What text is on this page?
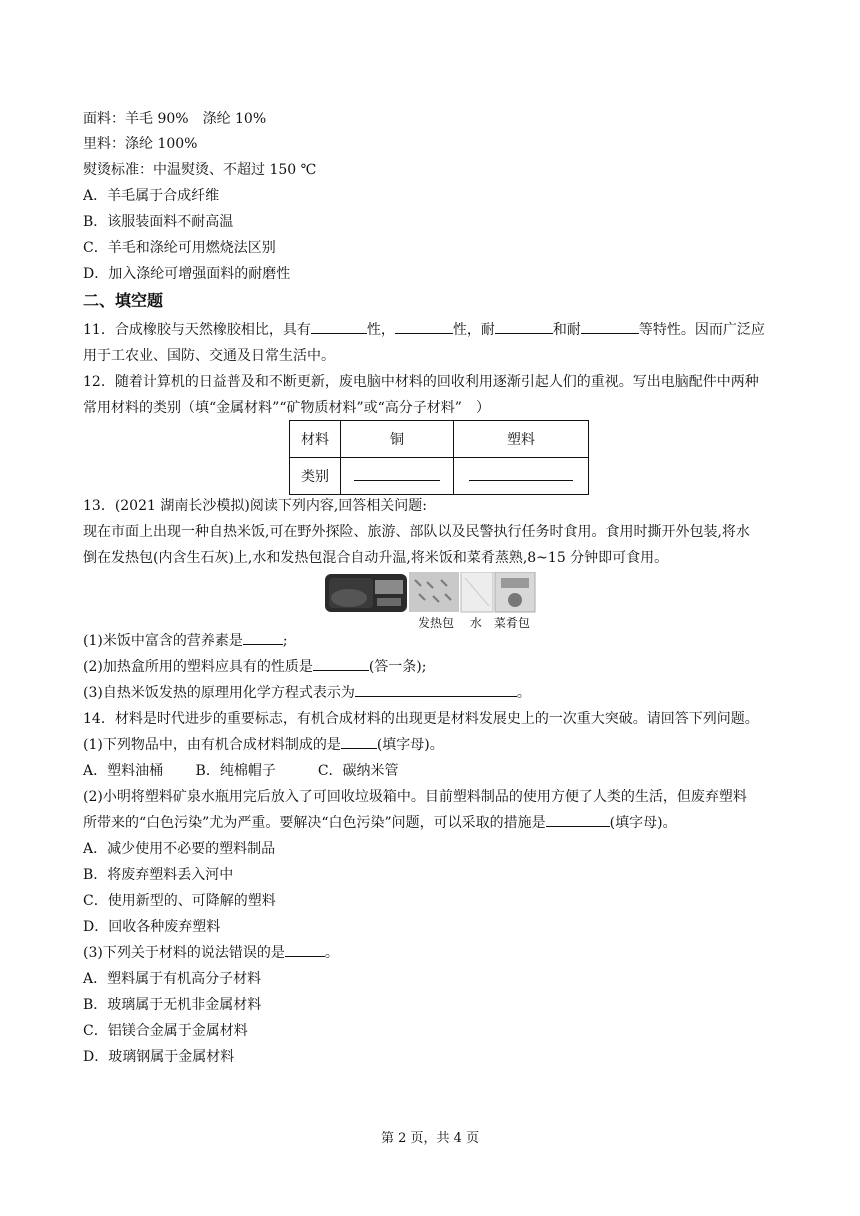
面料：羊毛 90%　涤纶 10%
里料：涤纶 100%
熨烫标准：中温熨烫、不超过 150 ℃
A．羊毛属于合成纤维
B．该服装面料不耐高温
C．羊毛和涤纶可用燃烧法区别
D．加入涤纶可增强面料的耐磨性
二、填空题
11．合成橡胶与天然橡胶相比，具有	性，	性，耐	和耐	等特性。因而广泛应
用于工农业、国防、交通及日常生活中。
12．随着计算机的日益普及和不断更新，废电脑中材料的回收利用逐渐引起人们的重视。写出电脑配件中两种
常用材料的类别（填“金属材料”“矿物质材料”或“高分子材料”　）
材料	铜	塑料
类别		
13．(2021 湖南长沙模拟)阅读下列内容,回答相关问题:
现在市面上出现一种自热米饭,可在野外探险、旅游、部队以及民警执行任务时食用。食用时撕开外包装,将水
倒在发热包(内含生石灰)上,水和发热包混合自动升温,将米饭和菜肴蒸熟,8~15 分钟即可食用。
发热包　 水　菜肴包
(1)米饭中富含的营养素是	;
(2)加热盒所用的塑料应具有的性质是	(答一条);
(3)自热米饭发热的原理用化学方程式表示为	。
14．材料是时代进步的重要标志，有机合成材料的出现更是材料发展史上的一次重大突破。请回答下列问题。
(1)下列物品中，由有机合成材料制成的是	(填字母)。
A．塑料油桶　　 B．纯棉帽子　　　C．碳纳米管
(2)小明将塑料矿泉水瓶用完后放入了可回收垃圾箱中。目前塑料制品的使用方便了人类的生活，但废弃塑料
所带来的“白色污染”尤为严重。要解决“白色污染”问题，可以采取的措施是	(填字母)。
A．减少使用不必要的塑料制品
B．将废弃塑料丢入河中
C．使用新型的、可降解的塑料
D．回收各种废弃塑料
(3)下列关于材料的说法错误的是	。
A．塑料属于有机高分子材料
B．玻璃属于无机非金属材料
C．铝镁合金属于金属材料
D．玻璃钢属于金属材料
第 2 页，共 4 页
